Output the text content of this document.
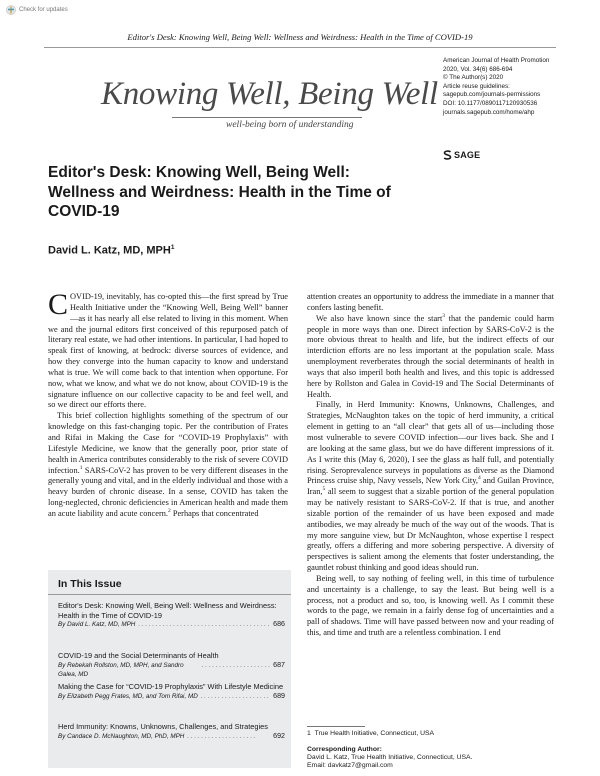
Check for updates
Editor's Desk: Knowing Well, Being Well: Wellness and Weirdness: Health in the Time of COVID-19
Knowing Well, Being Well
well-being born of understanding
American Journal of Health Promotion
2020, Vol. 34(6) 686-694
© The Author(s) 2020
Article reuse guidelines:
sagepub.com/journals-permissions
DOI: 10.1177/0890117120930536
journals.sagepub.com/home/ahp
SAGE
Editor's Desk: Knowing Well, Being Well: Wellness and Weirdness: Health in the Time of COVID-19
David L. Katz, MD, MPH$^1$

COVID-19, inevitably, has co-opted this—the first spread by True Health Initiative under the “Knowing Well, Being Well” banner—as it has nearly all else related to living in this moment. When we and the journal editors first conceived of this repurposed patch of literary real estate, we had other intentions. In particular, I had hoped to speak first of knowing, at bedrock: diverse sources of evidence, and how they converge into the human capacity to know and understand what is true. We will come back to that intention when opportune. For now, what we know, and what we do not know, about COVID-19 is the signature influence on our collective capacity to be and feel well, and so we direct our efforts there.

This brief collection highlights something of the spectrum of our knowledge on this fast-changing topic. Per the contribution of Frates and Rifai in Making the Case for “COVID-19 Prophylaxis” with Lifestyle Medicine, we know that the generally poor, prior state of health in America contributes considerably to the risk of severe COVID infection.$^1$ SARS-CoV-2 has proven to be very different diseases in the generally young and vital, and in the elderly individual and those with a heavy burden of chronic disease. In a sense, COVID has taken the long-neglected, chronic deficiencies in American health and made them an acute liability and acute concern.$^2$ Perhaps that concentrated

attention creates an opportunity to address the immediate in a manner that confers lasting benefit.

We also have known since the start$^3$ that the pandemic could harm people in more ways than one. Direct infection by SARS-CoV-2 is the more obvious threat to health and life, but the indirect effects of our interdiction efforts are no less important at the population scale. Mass unemployment reverberates through the social determinants of health in ways that also imperil both health and lives, and this topic is addressed here by Rollston and Galea in Covid-19 and The Social Determinants of Health.

Finally, in Herd Immunity: Knowns, Unknowns, Challenges, and Strategies, McNaughton takes on the topic of herd immunity, a critical element in getting to an “all clear” that gets all of us—including those most vulnerable to severe COVID infection—our lives back. She and I are looking at the same glass, but we do have different impressions of it. As I write this (May 6, 2020), I see the glass as half full, and potentially rising. Seroprevalence surveys in populations as diverse as the Diamond Princess cruise ship, Navy vessels, New York City,$^4$ and Guilan Province, Iran,$^5$ all seem to suggest that a sizable portion of the general population may be natively resistant to SARS-CoV-2. If that is true, and another sizable portion of the remainder of us have been exposed and made antibodies, we may already be much of the way out of the woods. That is my more sanguine view, but Dr McNaughton, whose expertise I respect greatly, offers a differing and more sobering perspective. A diversity of perspectives is salient among the elements that foster understanding, the gauntlet robust thinking and good ideas should run.

Being well, to say nothing of feeling well, in this time of turbulence and uncertainty is a challenge, to say the least. But being well is a process, not a product and so, too, is knowing well. As I commit these words to the page, we remain in a fairly dense fog of uncertainties and a pall of shadows. Time will have passed between now and your reading of this, and time and truth are a relentless combination. I end

In This Issue
Editor's Desk: Knowing Well, Being Well: Wellness and Weirdness: Health in the Time of COVID-19
By David L. Katz, MD, MPH . . . . . . . . . . . . . . . . . . . . . . . . . . . . . . . . . . . . . . 686
COVID-19 and the Social Determinants of Health
By Rebekah Rollston, MD, MPH, and Sandro Galea, MD
. . . . . . . . . . . . . . . . . . . . 687
Making the Case for “COVID-19 Prophylaxis” With Lifestyle Medicine
By Elizabeth Pegg Frates, MD, and Tom Rifai, MD . . . . . . . . . . . . . . . . . . . . 689
Herd Immunity: Knowns, Unknowns, Challenges, and Strategies
By Candace D. McNaughton, MD, PhD, MPH . . . . . . . . . . . . . . . . . . . .	692	1 True Health Initiative, Connecticut, USA
Corresponding Author:
David L. Katz, True Health Initiative, Connecticut, USA.
Email: davkatz7@gmail.com
